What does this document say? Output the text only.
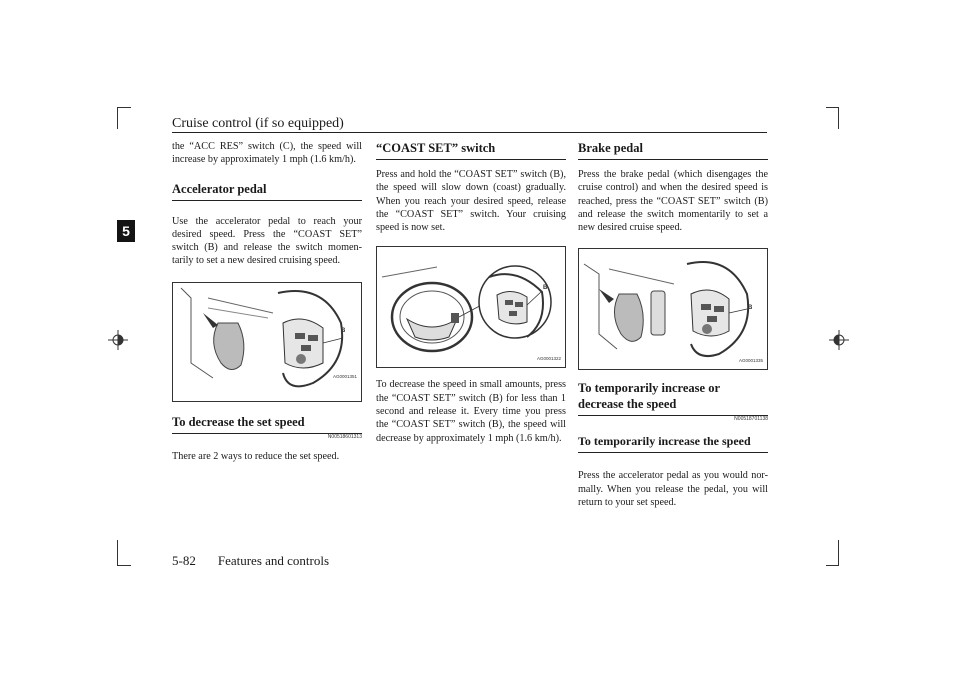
Cruise control (if so equipped)
5

the “ACC RES” switch (C), the speed will increase by approximately 1 mph (1.6 km/h).

Accelerator pedal

Use the accelerator pedal to reach your desired speed. Press the “COAST SET” switch (B) and release the switch momen-tarily to set a new desired cruising speed.

B
AG0001351
To decrease the set speed
N00518601313

There are 2 ways to reduce the set speed.

“COAST SET” switch

Press and hold the “COAST SET” switch (B), the speed will slow down (coast) gradually. When you reach your desired speed, release the “COAST SET” switch. Your cruising speed is now set.

B
AG0001322

To decrease the speed in small amounts, press the “COAST SET” switch (B) for less than 1 second and release it. Every time you press the “COAST SET” switch (B), the speed will decrease by approximately 1 mph (1.6 km/h).

Brake pedal

Press the brake pedal (which disengages the cruise control) and when the desired speed is reached, press the “COAST SET” switch (B) and release the switch momentarily to set a new desired cruise speed.

B
AG0001335
To temporarily increase or decrease the speed
N00518701138
To temporarily increase the speed

Press the accelerator pedal as you would nor-mally. When you release the pedal, you will return to your set speed.

5-82 Features and controls
